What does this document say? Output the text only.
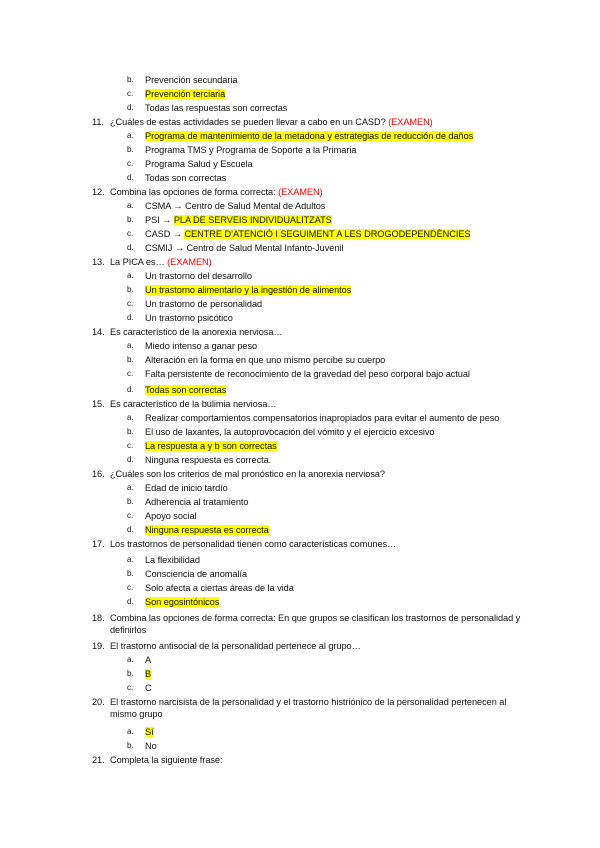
b.	Prevención secundaria
c.	Prevención terciaria
d.	Todas las respuestas son correctas
11. ¿Cuáles de estas actividades se pueden llevar a cabo en un CASD? (EXAMEN)
a.	Programa de mantenimiento de la metadona y estrategias de reducción de daños
b.	Programa TMS y Programa de Soporte a la Primaria
c.	Programa Salud y Escuela
d.	Todas son correctas
12. Combina las opciones de forma correcta: (EXAMEN)
a.	CSMA → Centro de Salud Mental de Adultos
b.	PSI → PLA DE SERVEIS INDIVIDUALITZATS
c.	CASD → CENTRE D’ATENCIÓ I SEGUIMENT A LES DROGODEPENDÈNCIES
d.	CSMIJ → Centro de Salud Mental Infanto-Juvenil
13. La PICA es… (EXAMEN)
a.	Un trastorno del desarrollo
b.	Un trastorno alimentario y la ingestión de alimentos
c.	Un trastorno de personalidad
d.	Un trastorno psicótico
14. Es característico de la anorexia nerviosa…
a.	Miedo intenso a ganar peso
b.	Alteración en la forma en que uno mismo percibe su cuerpo
c.	Falta persistente de reconocimiento de la gravedad del peso corporal bajo actual
d.	Todas son correctas
15. Es característico de la bulimia nerviosa…
a.	Realizar comportamientos compensatorios inapropiados para evitar el aumento de peso
b.	El uso de laxantes, la autoprovocación del vómito y el ejercicio excesivo
c.	La respuesta a y b son correctas
d.	Ninguna respuesta es correcta.
16. ¿Cuáles son los criterios de mal pronóstico en la anorexia nerviosa?
a.	Edad de inicio tardío
b.	Adherencia al tratamiento
c.	Apoyo social
d.	Ninguna respuesta es correcta
17. Los trastornos de personalidad tienen como características comunes…
a.	La flexibilidad
b.	Consciencia de anomalía
c.	Solo afecta a ciertas áreas de la vida
d.	Son egosintónicos
18. Combina las opciones de forma correcta: En que grupos se clasifican los trastornos de personalidad y
definirlos
19. El trastorno antisocial de la personalidad pertenece al grupo…
a.	A
b.	B
c.	C
20. El trastorno narcisista de la personalidad y el trastorno histriónico de la personalidad pertenecen al
mismo grupo
a.	Sí
b.	No
21. Completa la siguiente frase:
